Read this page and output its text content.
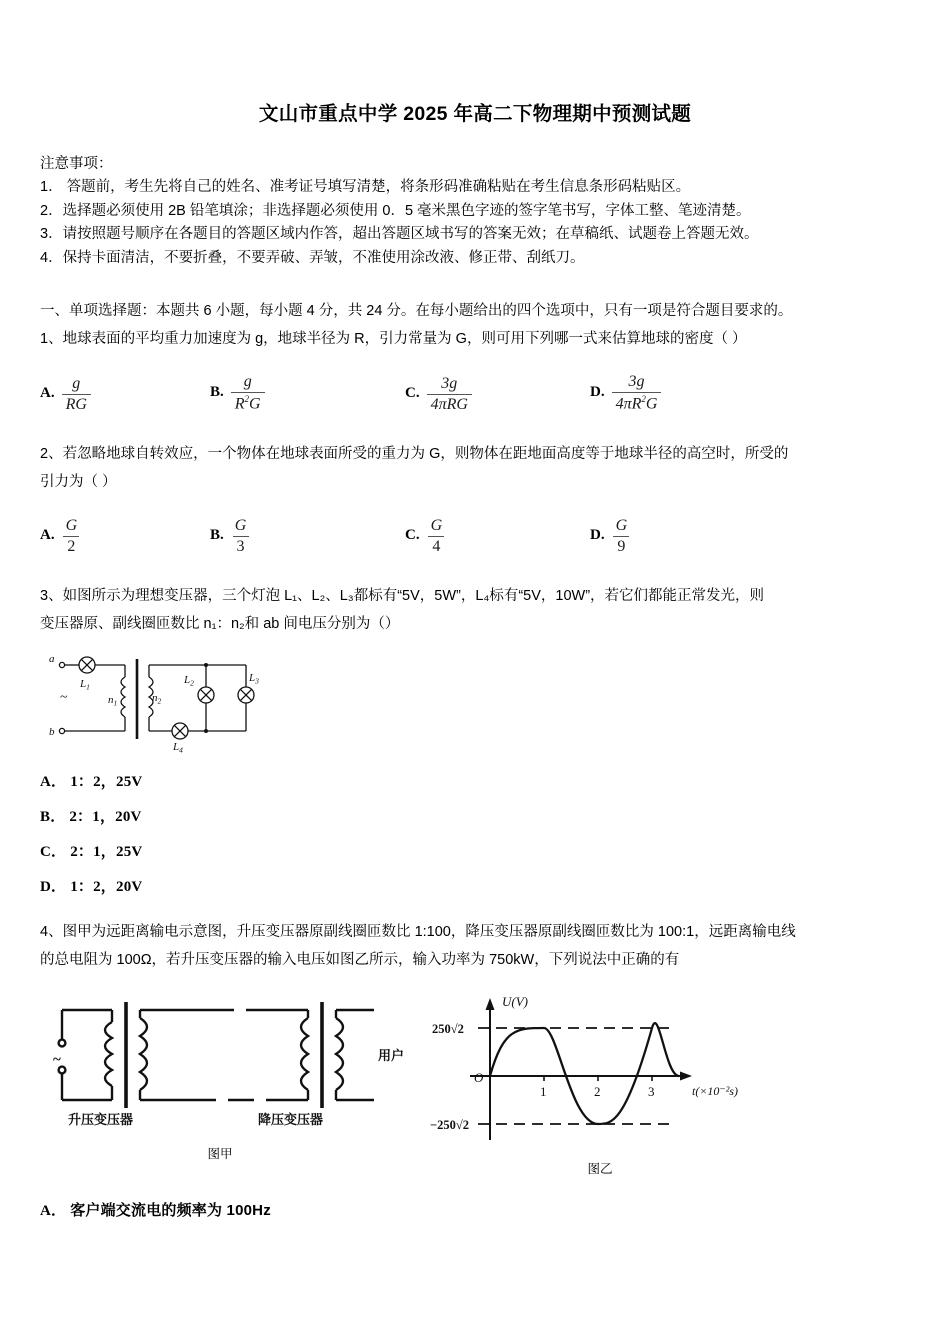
文山市重点中学 2025 年高二下物理期中预测试题
注意事项：
1． 答题前，考生先将自己的姓名、准考证号填写清楚，将条形码准确粘贴在考生信息条形码粘贴区。
2．选择题必须使用 2B 铅笔填涂；非选择题必须使用 0．5 毫米黑色字迹的签字笔书写，字体工整、笔迹清楚。
3．请按照题号顺序在各题目的答题区域内作答，超出答题区域书写的答案无效；在草稿纸、试题卷上答题无效。
4．保持卡面清洁，不要折叠，不要弄破、弄皱，不准使用涂改液、修正带、刮纸刀。
一、单项选择题：本题共 6 小题，每小题 4 分，共 24 分。在每小题给出的四个选项中，只有一项是符合题目要求的。

1、地球表面的平均重力加速度为 g，地球半径为 R，引力常量为 G，则可用下列哪一式来估算地球的密度（ ）

A. $\frac{g}{RG}$	B. $\frac{g}{R^2G}$	C. $\frac{3g}{\text{4πRG}}$	D. $\frac{3g}{4\pi R^2G}$

2、若忽略地球自转效应，一个物体在地球表面所受的重力为 G，则物体在距地面高度等于地球半径的高空时，所受的

引力为（ ）

A. $\frac{G}{2}$	B. $\frac{G}{3}$	C. $\frac{G}{4}$	D. $\frac{G}{9}$

3、如图所示为理想变压器，三个灯泡 L₁、L₂、L₃都标有“5V，5W”，L₄标有“5V，10W”，若它们都能正常发光，则

变压器原、副线圈匝数比 n₁：n₂和 ab 间电压分别为（）

a
b
~
$L_1$
$n_1$	$n_2$
$L_2$	$L_3$
$L_4$
A． 1：2，25V
B． 2：1，20V
C． 2：1，25V
D． 1：2，20V

4、图甲为远距离输电示意图，升压变压器原副线圈匝数比 1:100，降压变压器原副线圈匝数比为 100:1，远距离输电线

的总电阻为 100Ω，若升压变压器的输入电压如图乙所示，输入功率为 750kW，下列说法中正确的有

~	用户
升压变压器	降压变压器
图甲
U(V)
O
1	2	3	t(×10⁻²s)
250√2
−250√2
图乙
A． 客户端交流电的频率为 100Hz
